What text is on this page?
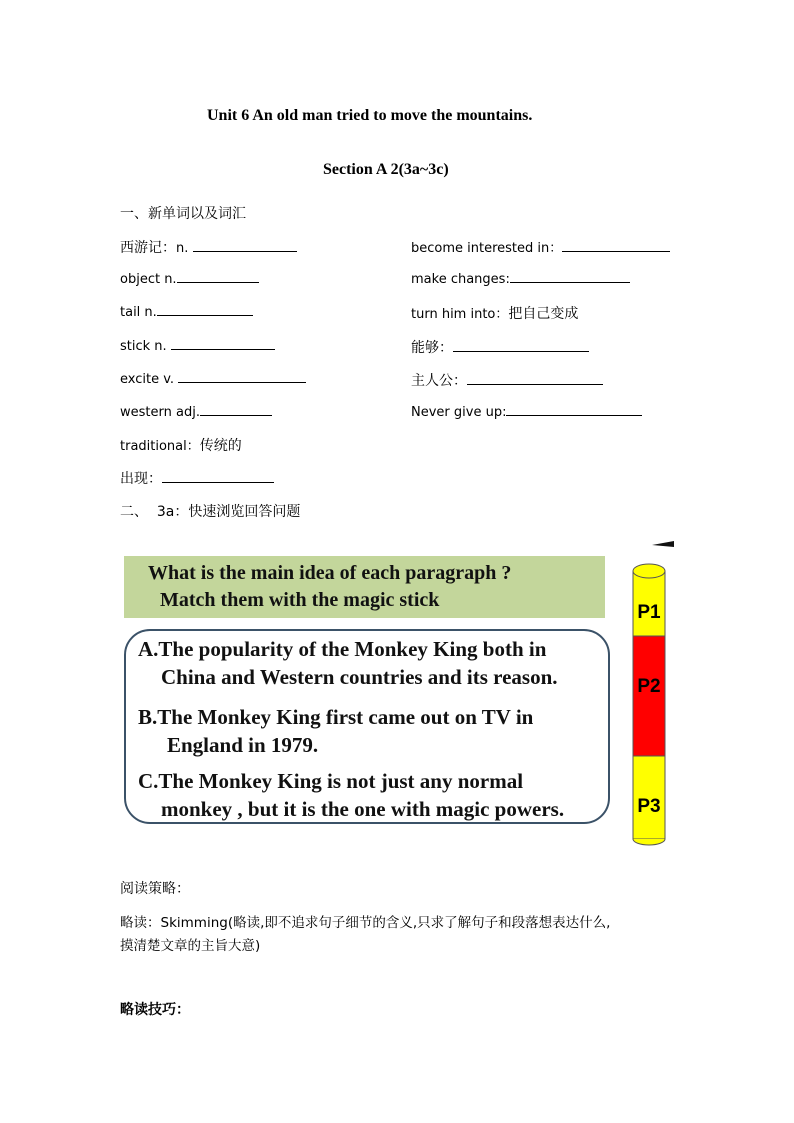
Unit 6 An old man tried to move the mountains.
Section A 2(3a~3c)
一、新单词以及词汇
西游记：n.
object n.
tail n.
stick n.
excite v.
western adj.
traditional：传统的
出现：
become interested in：
make changes:
turn him into：把自己变成
能够：
主人公：
Never give up:
二、  3a：快速浏览回答问题
What is the main idea of each paragraph ?
Match them with the magic stick
A.The popularity of the Monkey King both in
China and Western countries and its reason.
B.The Monkey King first came out on TV in
England in 1979.
C.The Monkey King is not just any normal
monkey , but it is the one with magic powers.
P1
P2
P3
阅读策略：
略读：Skimming(略读,即不追求句子细节的含义,只求了解句子和段落想表达什么,
摸清楚文章的主旨大意)
略读技巧：
